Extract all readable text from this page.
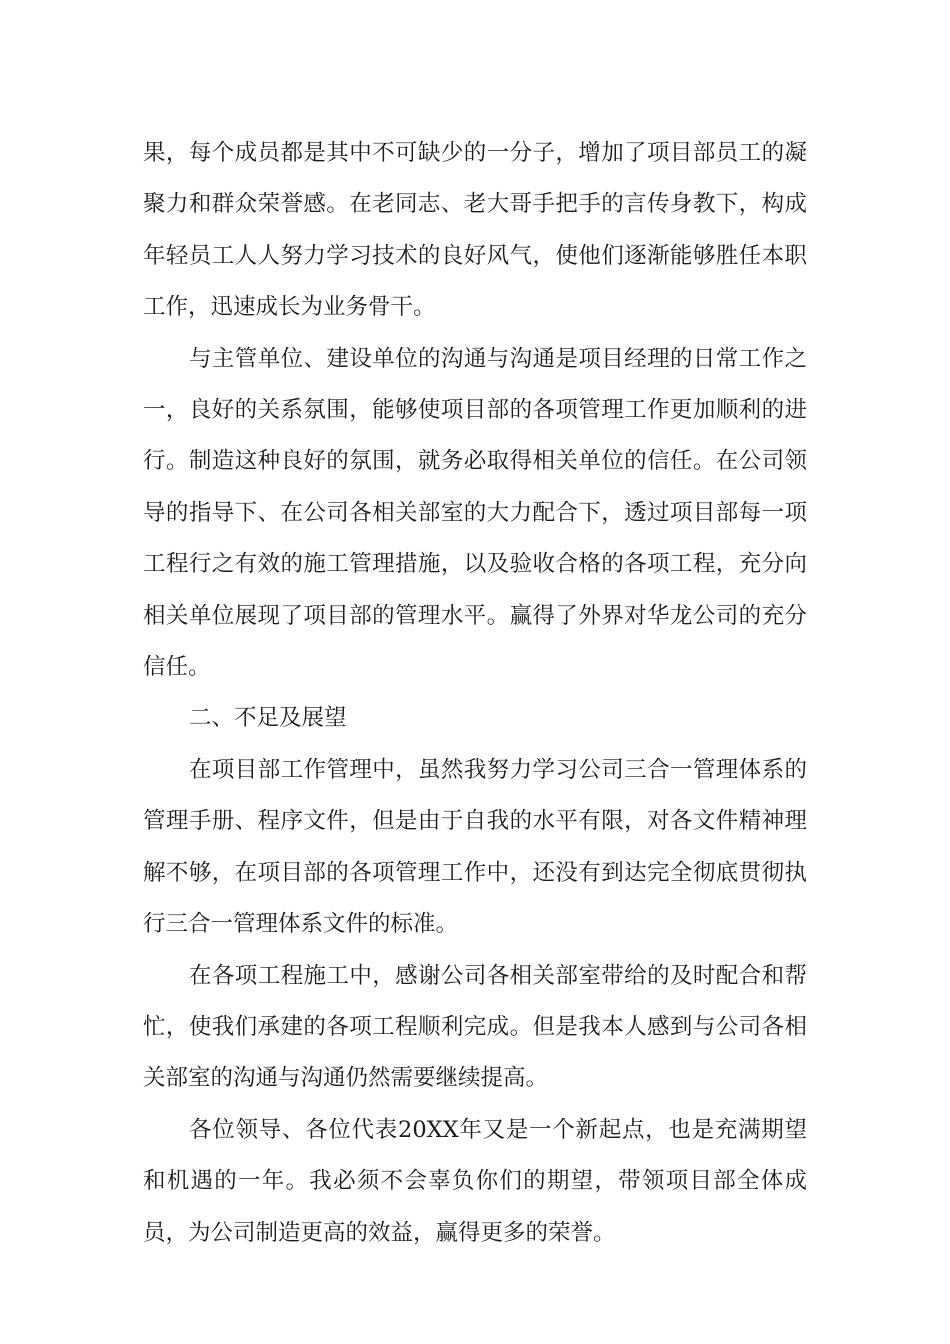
果，每个成员都是其中不可缺少的一分子，增加了项目部员工的凝聚力和群众荣誉感。在老同志、老大哥手把手的言传身教下，构成年轻员工人人努力学习技术的良好风气，使他们逐渐能够胜任本职工作，迅速成长为业务骨干。

与主管单位、建设单位的沟通与沟通是项目经理的日常工作之一，良好的关系氛围，能够使项目部的各项管理工作更加顺利的进行。制造这种良好的氛围，就务必取得相关单位的信任。在公司领导的指导下、在公司各相关部室的大力配合下，透过项目部每一项工程行之有效的施工管理措施，以及验收合格的各项工程，充分向相关单位展现了项目部的管理水平。赢得了外界对华龙公司的充分信任。

二、不足及展望

在项目部工作管理中，虽然我努力学习公司三合一管理体系的管理手册、程序文件，但是由于自我的水平有限，对各文件精神理解不够，在项目部的各项管理工作中，还没有到达完全彻底贯彻执行三合一管理体系文件的标准。

在各项工程施工中，感谢公司各相关部室带给的及时配合和帮忙，使我们承建的各项工程顺利完成。但是我本人感到与公司各相关部室的沟通与沟通仍然需要继续提高。

各位领导、各位代表20XX年又是一个新起点，也是充满期望和机遇的一年。我必须不会辜负你们的期望，带领项目部全体成员，为公司制造更高的效益，赢得更多的荣誉。
